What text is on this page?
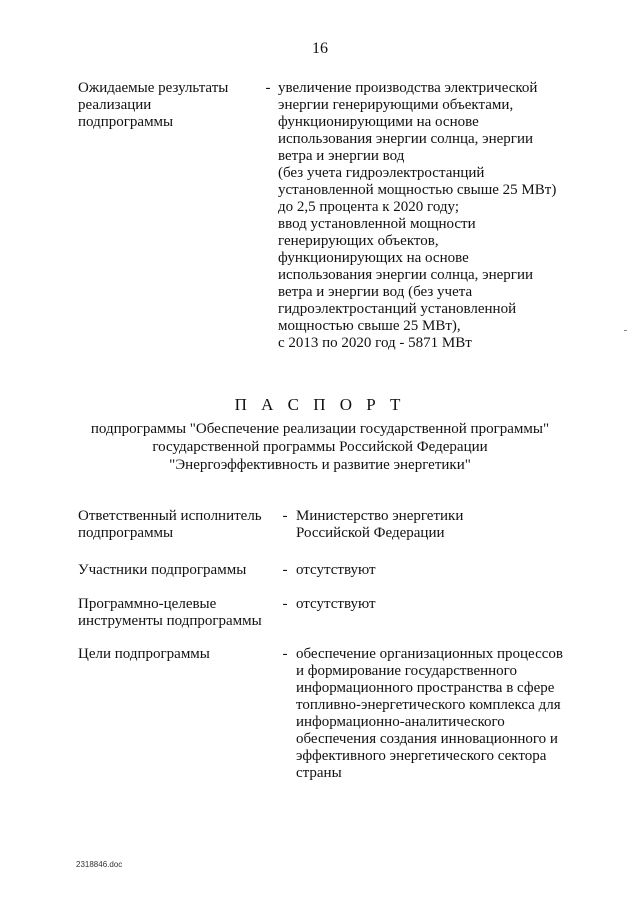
16
Ожидаемые результаты
реализации
подпрограммы
- увеличение производства электрической
энергии генерирующими объектами,
функционирующими на основе
использования энергии солнца, энергии
ветра и энергии вод
(без учета гидроэлектростанций
установленной мощностью свыше 25 МВт)
до 2,5 процента к 2020 году;
ввод установленной мощности
генерирующих объектов,
функционирующих на основе
использования энергии солнца, энергии
ветра и энергии вод (без учета
гидроэлектростанций установленной
мощностью свыше 25 МВт),
с 2013 по 2020 год - 5871 МВт
П А С П О Р Т
подпрограммы "Обеспечение реализации государственной программы"
государственной программы Российской Федерации
"Энергоэффективность и развитие энергетики"
Ответственный исполнитель
подпрограммы
- Министерство энергетики
Российской Федерации
Участники подпрограммы	- отсутствуют
Программно-целевые
инструменты подпрограммы
- отсутствуют
Цели подпрограммы	- обеспечение организационных процессов
и формирование государственного
информационного пространства в сфере
топливно-энергетического комплекса для
информационно-аналитического
обеспечения создания инновационного и
эффективного энергетического сектора
страны
2318846.doc
